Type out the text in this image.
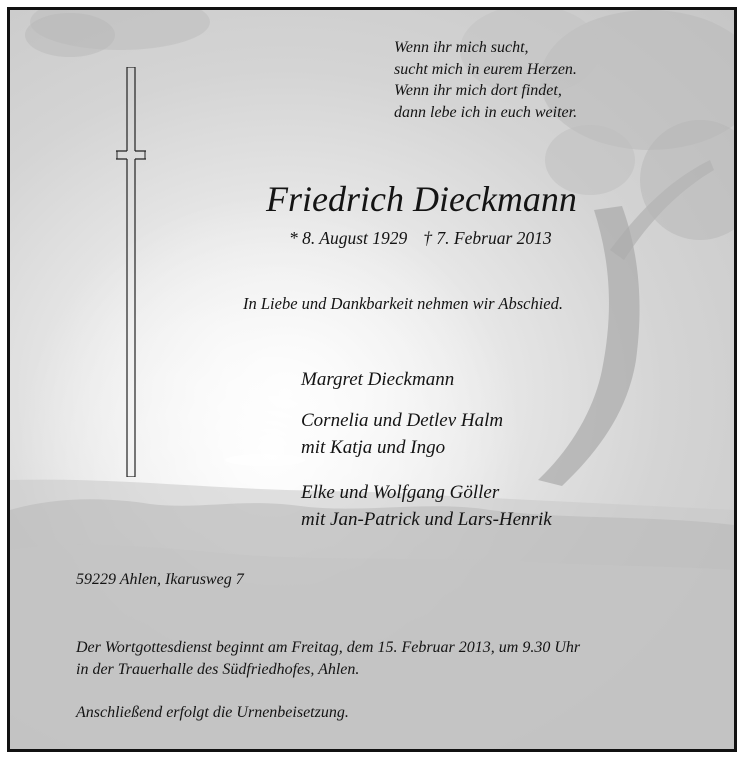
Wenn ihr mich sucht,
sucht mich in eurem Herzen.
Wenn ihr mich dort findet,
dann lebe ich in euch weiter.
Friedrich Dieckmann
* 8. August 1929 † 7. Februar 2013
In Liebe und Dankbarkeit nehmen wir Abschied.
Margret Dieckmann
Cornelia und Detlev Halm
mit Katja und Ingo
Elke und Wolfgang Göller
mit Jan-Patrick und Lars-Henrik
59229 Ahlen, Ikarusweg 7
Der Wortgottesdienst beginnt am Freitag, dem 15. Februar 2013, um 9.30 Uhr
in der Trauerhalle des Südfriedhofes, Ahlen.
Anschließend erfolgt die Urnenbeisetzung.
